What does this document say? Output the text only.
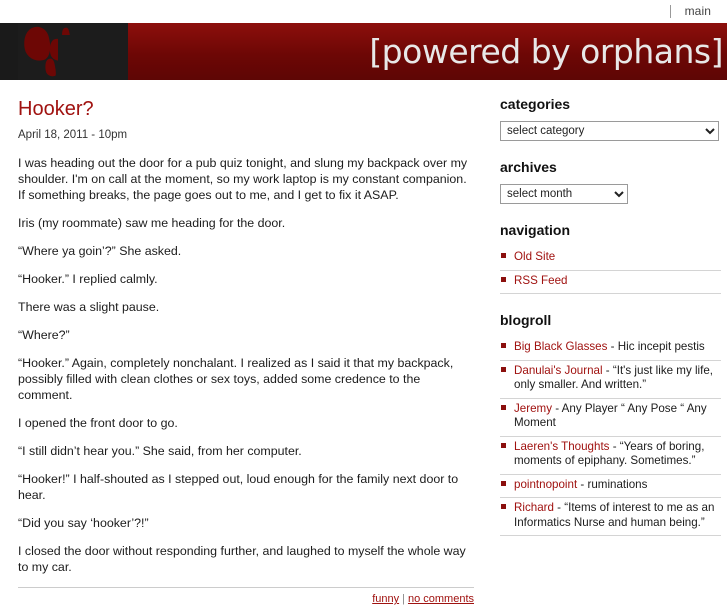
main
[powered by orphans]
Hooker?
April 18, 2011 - 10pm

I was heading out the door for a pub quiz tonight, and slung my backpack over my shoulder. I'm on call at the moment, so my work laptop is my constant companion. If something breaks, the page goes out to me, and I get to fix it ASAP.

Iris (my roommate) saw me heading for the door.

“Where ya goin’?” She asked.

“Hooker.” I replied calmly.

There was a slight pause.

“Where?”

“Hooker.” Again, completely nonchalant. I realized as I said it that my backpack, possibly filled with clean clothes or sex toys, added some credence to the comment.

I opened the front door to go.

“I still didn’t hear you.” She said, from her computer.

“Hooker!” I half-shouted as I stepped out, loud enough for the family next door to hear.

“Did you say ‘hooker’?!”

I closed the door without responding further, and laughed to myself the whole way to my car.

funny | no comments
categories
select category
archives
select month
navigation
Old Site
RSS Feed
blogroll
Big Black Glasses - Hic incepit pestis
Danulai's Journal - “It's just like my life, only smaller. And written.”
Jeremy - Any Player “ Any Pose “ Any Moment
Laeren's Thoughts - “Years of boring, moments of epiphany. Sometimes.”
pointnopoint - ruminations
Richard - “Items of interest to me as an Informatics Nurse and human being.”
